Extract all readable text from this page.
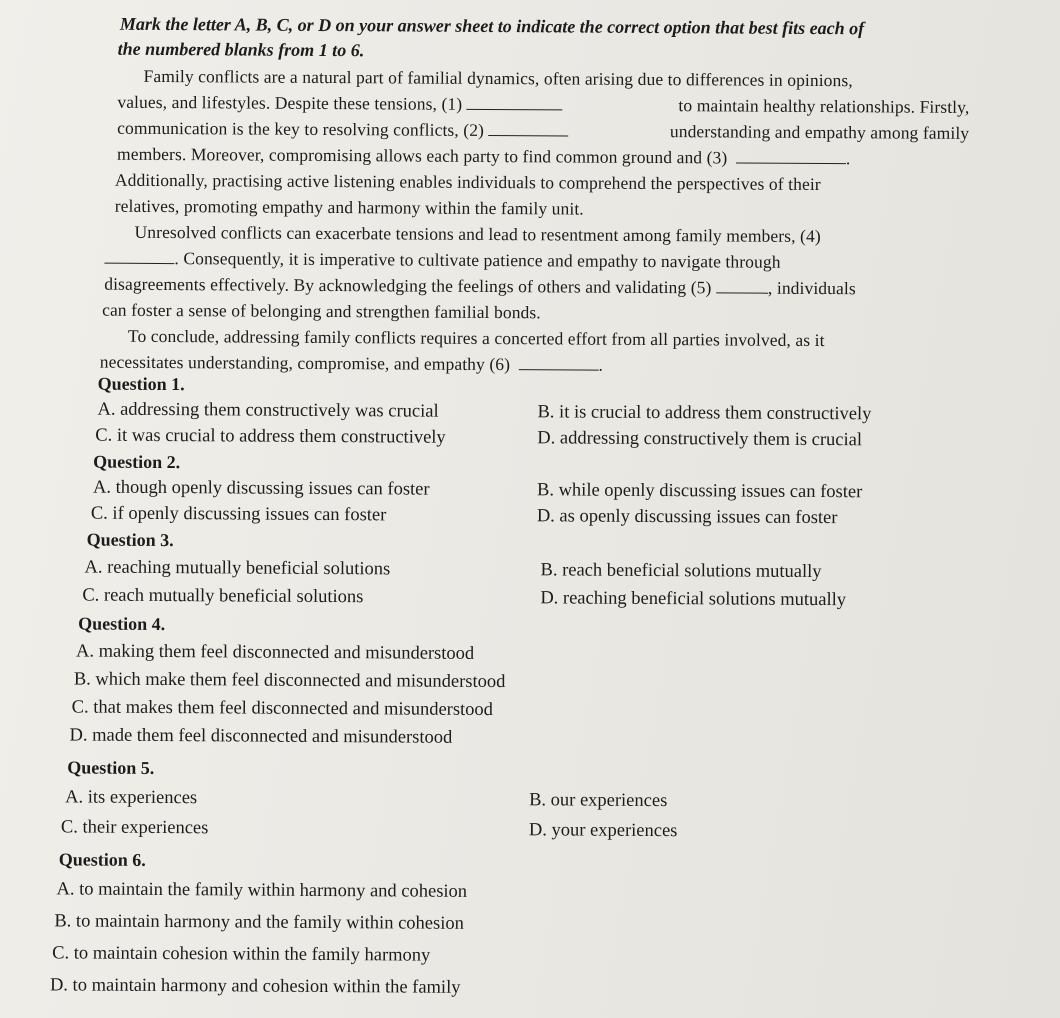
Mark the letter A, B, C, or D on your answer sheet to indicate the correct option that best fits each of
the numbered blanks from 1 to 6.
Family conflicts are a natural part of familial dynamics, often arising due to differences in opinions,
values, and lifestyles. Despite these tensions, (1)	to maintain healthy relationships. Firstly,
communication is the key to resolving conflicts, (2)	understanding and empathy among family
members. Moreover, compromising allows each party to find common ground and (3)	.
Additionally, practising active listening enables individuals to comprehend the perspectives of their
relatives, promoting empathy and harmony within the family unit.
Unresolved conflicts can exacerbate tensions and lead to resentment among family members, (4)
. Consequently, it is imperative to cultivate patience and empathy to navigate through
disagreements effectively. By acknowledging the feelings of others and validating (5)	, individuals
can foster a sense of belonging and strengthen familial bonds.
To conclude, addressing family conflicts requires a concerted effort from all parties involved, as it
necessitates understanding, compromise, and empathy (6)	.
Question 1.
A. addressing them constructively was crucial	B. it is crucial to address them constructively
C. it was crucial to address them constructively	D. addressing constructively them is crucial
Question 2.
A. though openly discussing issues can foster	B. while openly discussing issues can foster
C. if openly discussing issues can foster	D. as openly discussing issues can foster
Question 3.
A. reaching mutually beneficial solutions	B. reach beneficial solutions mutually
C. reach mutually beneficial solutions	D. reaching beneficial solutions mutually
Question 4.
A. making them feel disconnected and misunderstood
B. which make them feel disconnected and misunderstood
C. that makes them feel disconnected and misunderstood
D. made them feel disconnected and misunderstood
Question 5.
A. its experiences	B. our experiences
C. their experiences	D. your experiences
Question 6.
A. to maintain the family within harmony and cohesion
B. to maintain harmony and the family within cohesion
C. to maintain cohesion within the family harmony
D. to maintain harmony and cohesion within the family
